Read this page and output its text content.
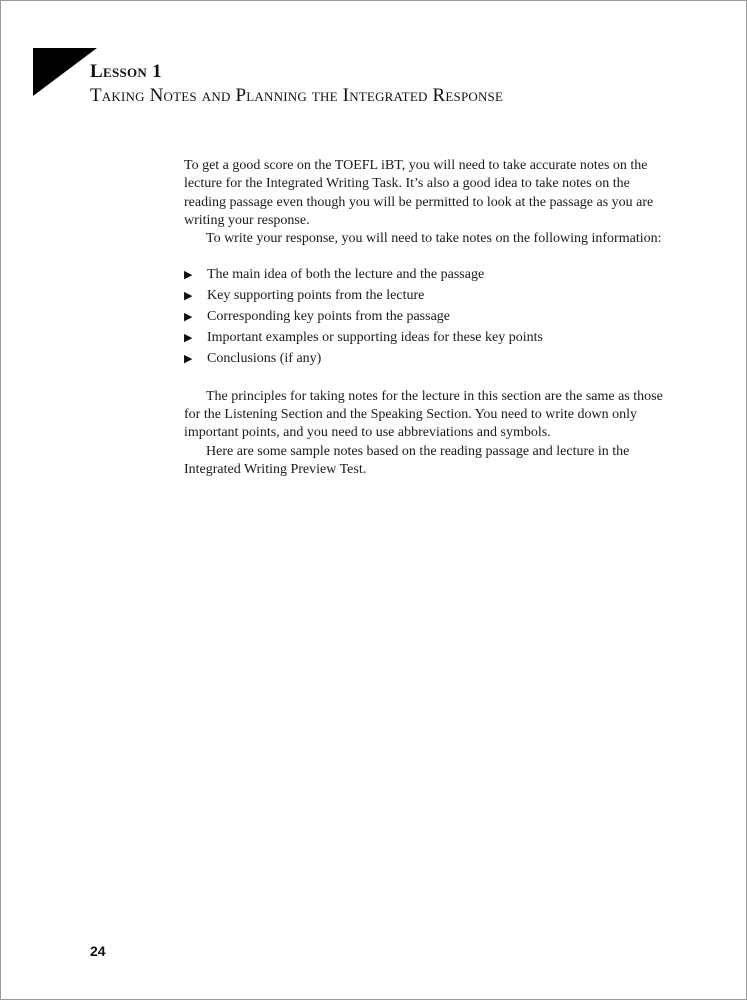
Lesson 1
Taking Notes and Planning the Integrated Response

To get a good score on the TOEFL iBT, you will need to take accurate notes on the lecture for the Integrated Writing Task. It’s also a good idea to take notes on the reading passage even though you will be permitted to look at the passage as you are writing your response.

To write your response, you will need to take notes on the following information:

▶ The main idea of both the lecture and the passage
▶ Key supporting points from the lecture
▶ Corresponding key points from the passage
▶ Important examples or supporting ideas for these key points
▶ Conclusions (if any)

The principles for taking notes for the lecture in this section are the same as those for the Listening Section and the Speaking Section. You need to write down only important points, and you need to use abbreviations and symbols.

Here are some sample notes based on the reading passage and lecture in the Integrated Writing Preview Test.

24
